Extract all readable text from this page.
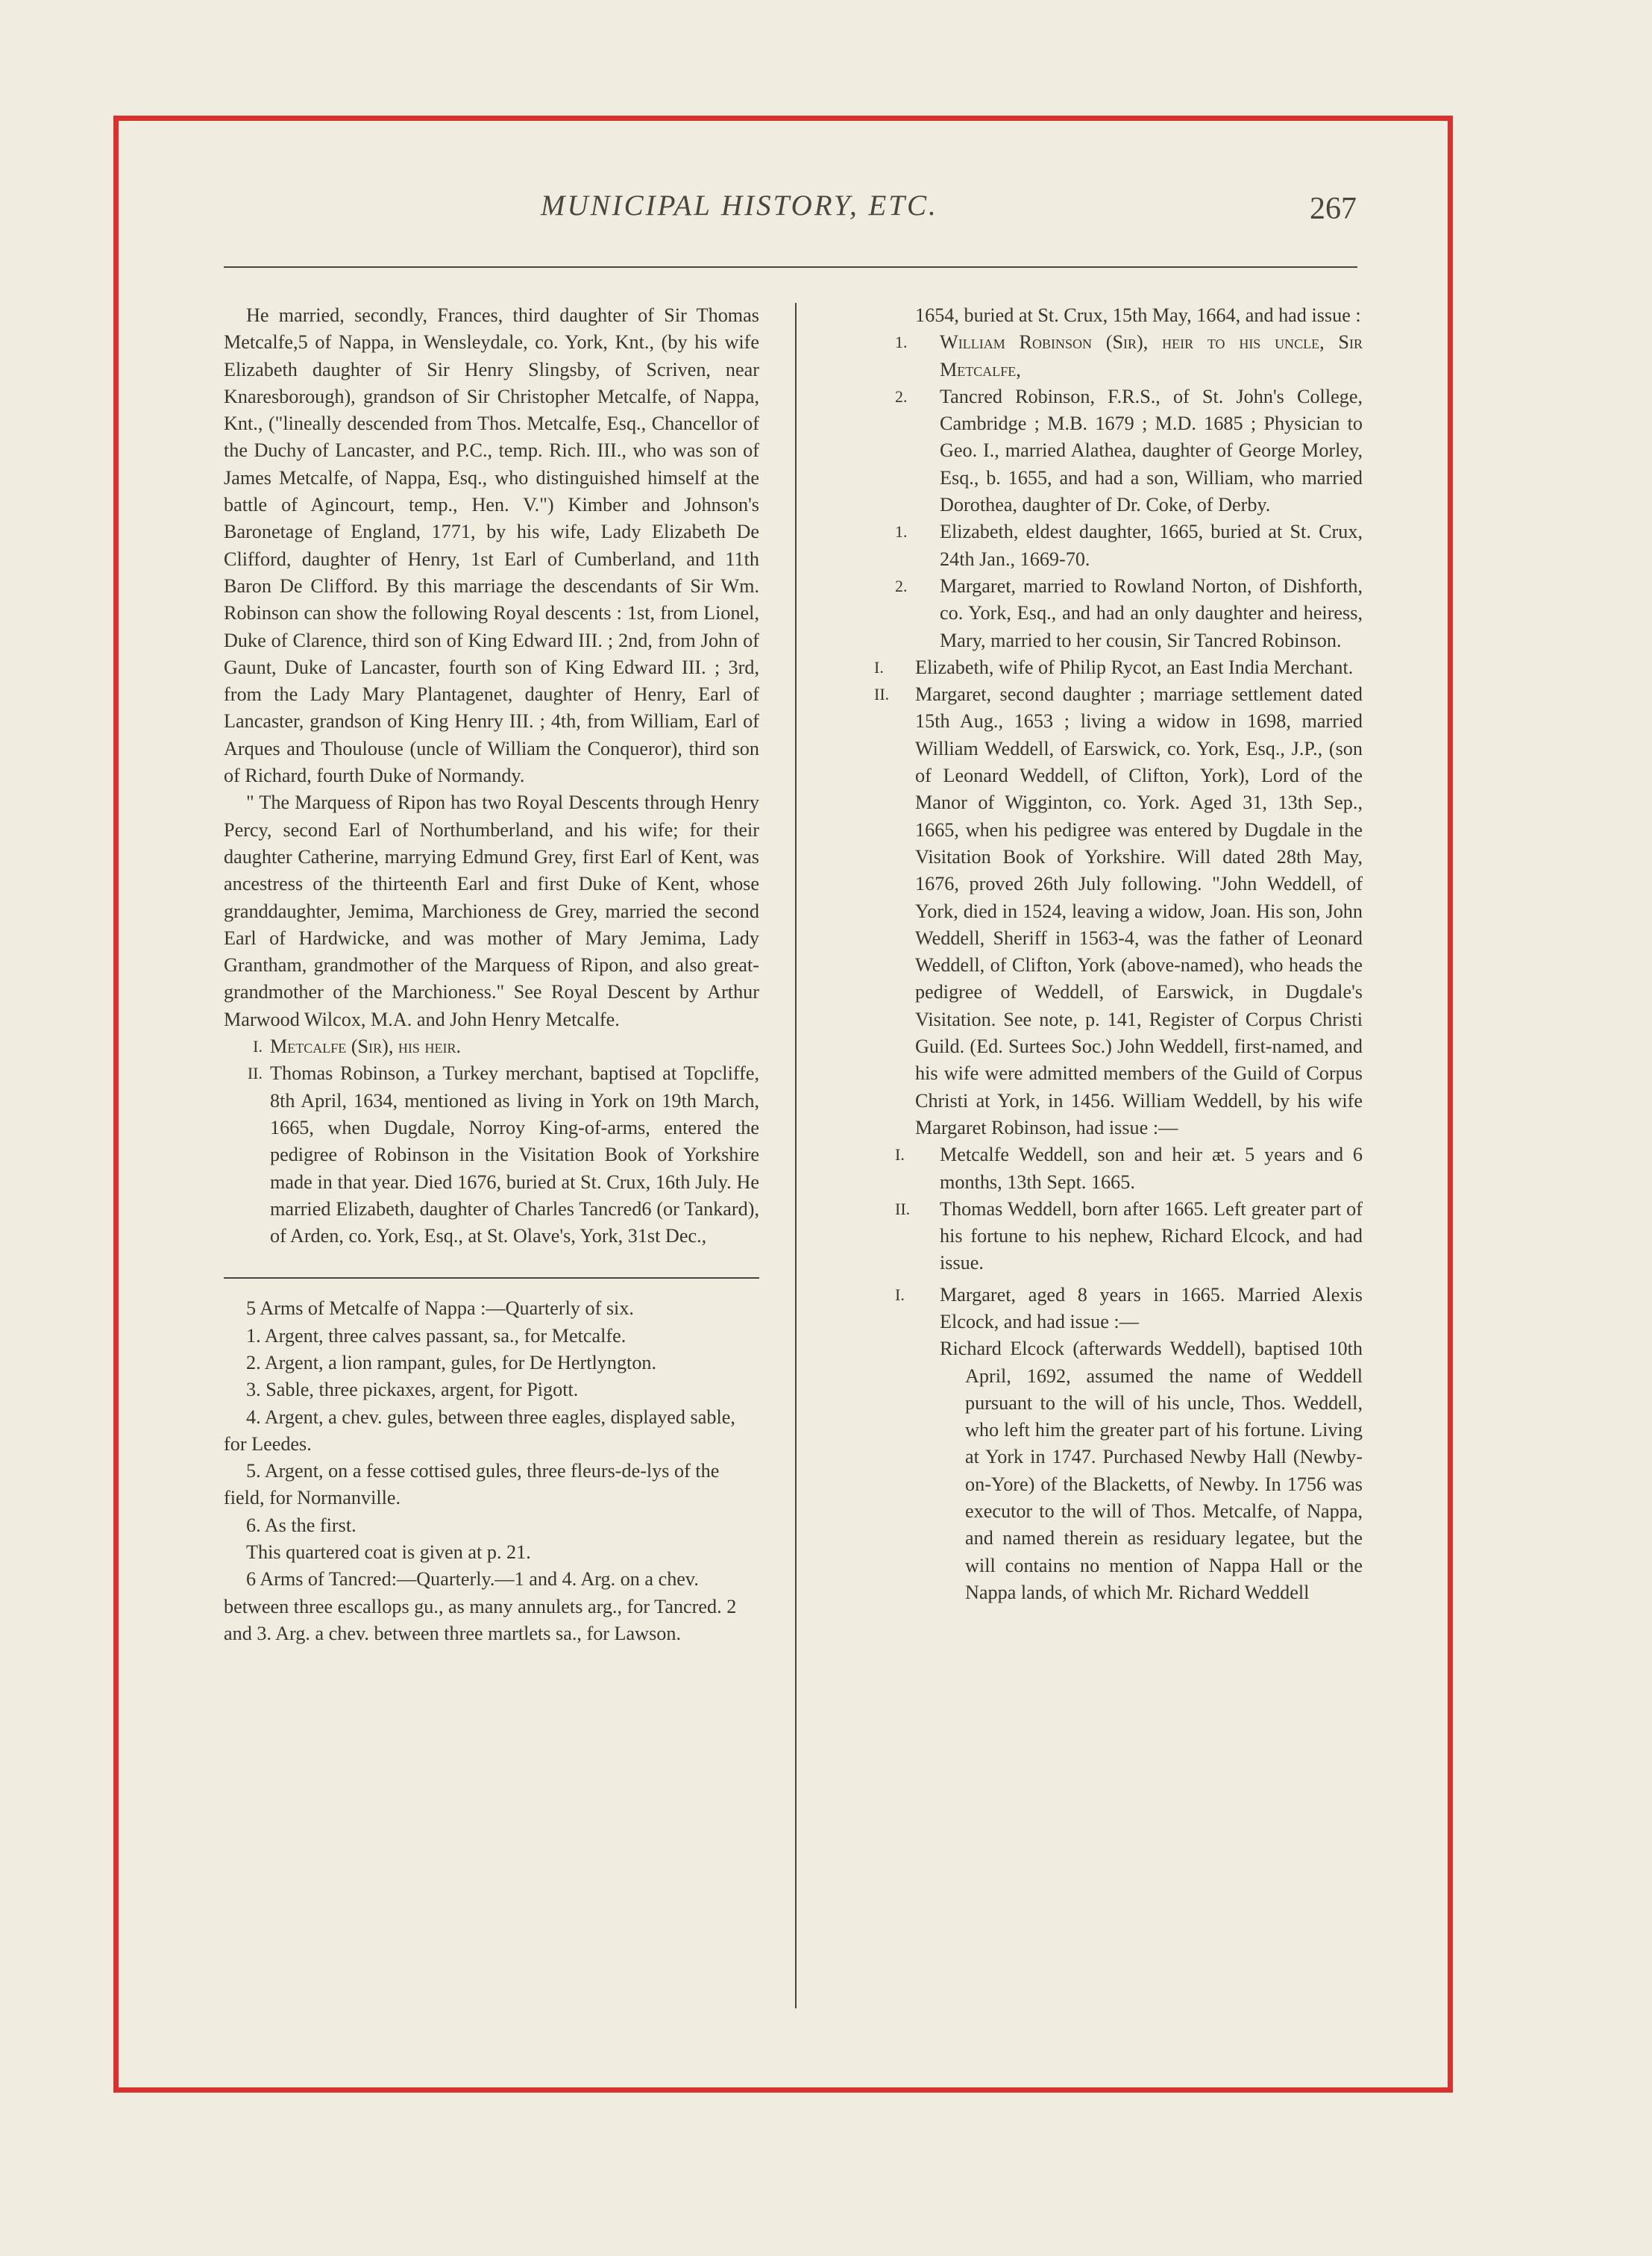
MUNICIPAL HISTORY, ETC.	267

He married, secondly, Frances, third daughter of Sir Thomas Metcalfe,5 of Nappa, in Wensleydale, co. York, Knt., (by his wife Elizabeth daughter of Sir Henry Slingsby, of Scriven, near Knaresborough), grandson of Sir Christopher Metcalfe, of Nappa, Knt., ("lineally descended from Thos. Metcalfe, Esq., Chancellor of the Duchy of Lancaster, and P.C., temp. Rich. III., who was son of James Metcalfe, of Nappa, Esq., who distinguished himself at the battle of Agincourt, temp., Hen. V.") Kimber and Johnson's Baronetage of England, 1771, by his wife, Lady Elizabeth De Clifford, daughter of Henry, 1st Earl of Cumberland, and 11th Baron De Clifford. By this marriage the descendants of Sir Wm. Robinson can show the following Royal descents : 1st, from Lionel, Duke of Clarence, third son of King Edward III. ; 2nd, from John of Gaunt, Duke of Lancaster, fourth son of King Edward III. ; 3rd, from the Lady Mary Plantagenet, daughter of Henry, Earl of Lancaster, grandson of King Henry III. ; 4th, from William, Earl of Arques and Thoulouse (uncle of William the Conqueror), third son of Richard, fourth Duke of Normandy.

" The Marquess of Ripon has two Royal Descents through Henry Percy, second Earl of Northumberland, and his wife; for their daughter Catherine, marrying Edmund Grey, first Earl of Kent, was ancestress of the thirteenth Earl and first Duke of Kent, whose granddaughter, Jemima, Marchioness de Grey, married the second Earl of Hardwicke, and was mother of Mary Jemima, Lady Grantham, grandmother of the Marquess of Ripon, and also great-grandmother of the Marchioness." See Royal Descent by Arthur Marwood Wilcox, M.A. and John Henry Metcalfe.

I. Metcalfe (Sir), his heir.
II. Thomas Robinson, a Turkey merchant, baptised at Topcliffe, 8th April, 1634, mentioned as living in York on 19th March, 1665, when Dugdale, Norroy King-of-arms, entered the pedigree of Robinson in the Visitation Book of Yorkshire made in that year. Died 1676, buried at St. Crux, 16th July. He married Elizabeth, daughter of Charles Tancred6 (or Tankard), of Arden, co. York, Esq., at St. Olave's, York, 31st Dec.,

5 Arms of Metcalfe of Nappa :—Quarterly of six.

1. Argent, three calves passant, sa., for Metcalfe.

2. Argent, a lion rampant, gules, for De Hertlyngton.

3. Sable, three pickaxes, argent, for Pigott.

4. Argent, a chev. gules, between three eagles, displayed sable, for Leedes.

5. Argent, on a fesse cottised gules, three fleurs-de-lys of the field, for Normanville.

6. As the first.

This quartered coat is given at p. 21.

6 Arms of Tancred:—Quarterly.—1 and 4. Arg. on a chev. between three escallops gu., as many annulets arg., for Tancred. 2 and 3. Arg. a chev. between three martlets sa., for Lawson.

1654, buried at St. Crux, 15th May, 1664, and had issue :

1. William Robinson (Sir), heir to his uncle, Sir Metcalfe,
2. Tancred Robinson, F.R.S., of St. John's College, Cambridge ; M.B. 1679 ; M.D. 1685 ; Physician to Geo. I., married Alathea, daughter of George Morley, Esq., b. 1655, and had a son, William, who married Dorothea, daughter of Dr. Coke, of Derby.
1. Elizabeth, eldest daughter, 1665, buried at St. Crux, 24th Jan., 1669-70.
2. Margaret, married to Rowland Norton, of Dishforth, co. York, Esq., and had an only daughter and heiress, Mary, married to her cousin, Sir Tancred Robinson.
I.	Elizabeth, wife of Philip Rycot, an East India Merchant.
II. Margaret, second daughter ; marriage settlement dated 15th Aug., 1653 ; living a widow in 1698, married William Weddell, of Earswick, co. York, Esq., J.P., (son of Leonard Weddell, of Clifton, York), Lord of the Manor of Wigginton, co. York. Aged 31, 13th Sep., 1665, when his pedigree was entered by Dugdale in the Visitation Book of Yorkshire. Will dated 28th May, 1676, proved 26th July following. "John Weddell, of York, died in 1524, leaving a widow, Joan. His son, John Weddell, Sheriff in 1563-4, was the father of Leonard Weddell, of Clifton, York (above-named), who heads the pedigree of Weddell, of Earswick, in Dugdale's Visitation. See note, p. 141, Register of Corpus Christi Guild. (Ed. Surtees Soc.) John Weddell, first-named, and his wife were admitted members of the Guild of Corpus Christi at York, in 1456. William Weddell, by his wife Margaret Robinson, had issue :—
I.	Metcalfe Weddell, son and heir æt. 5 years and 6 months, 13th Sept. 1665.
II. Thomas Weddell, born after 1665. Left greater part of his fortune to his nephew, Richard Elcock, and had issue.
I.	Margaret, aged 8 years in 1665. Married Alexis Elcock, and had issue :—

Richard Elcock (afterwards Weddell), baptised 10th April, 1692, assumed the name of Weddell pursuant to the will of his uncle, Thos. Weddell, who left him the greater part of his fortune. Living at York in 1747. Purchased Newby Hall (Newby-on-Yore) of the Blacketts, of Newby. In 1756 was executor to the will of Thos. Metcalfe, of Nappa, and named therein as residuary legatee, but the will contains no mention of Nappa Hall or the Nappa lands, of which Mr. Richard Weddell
